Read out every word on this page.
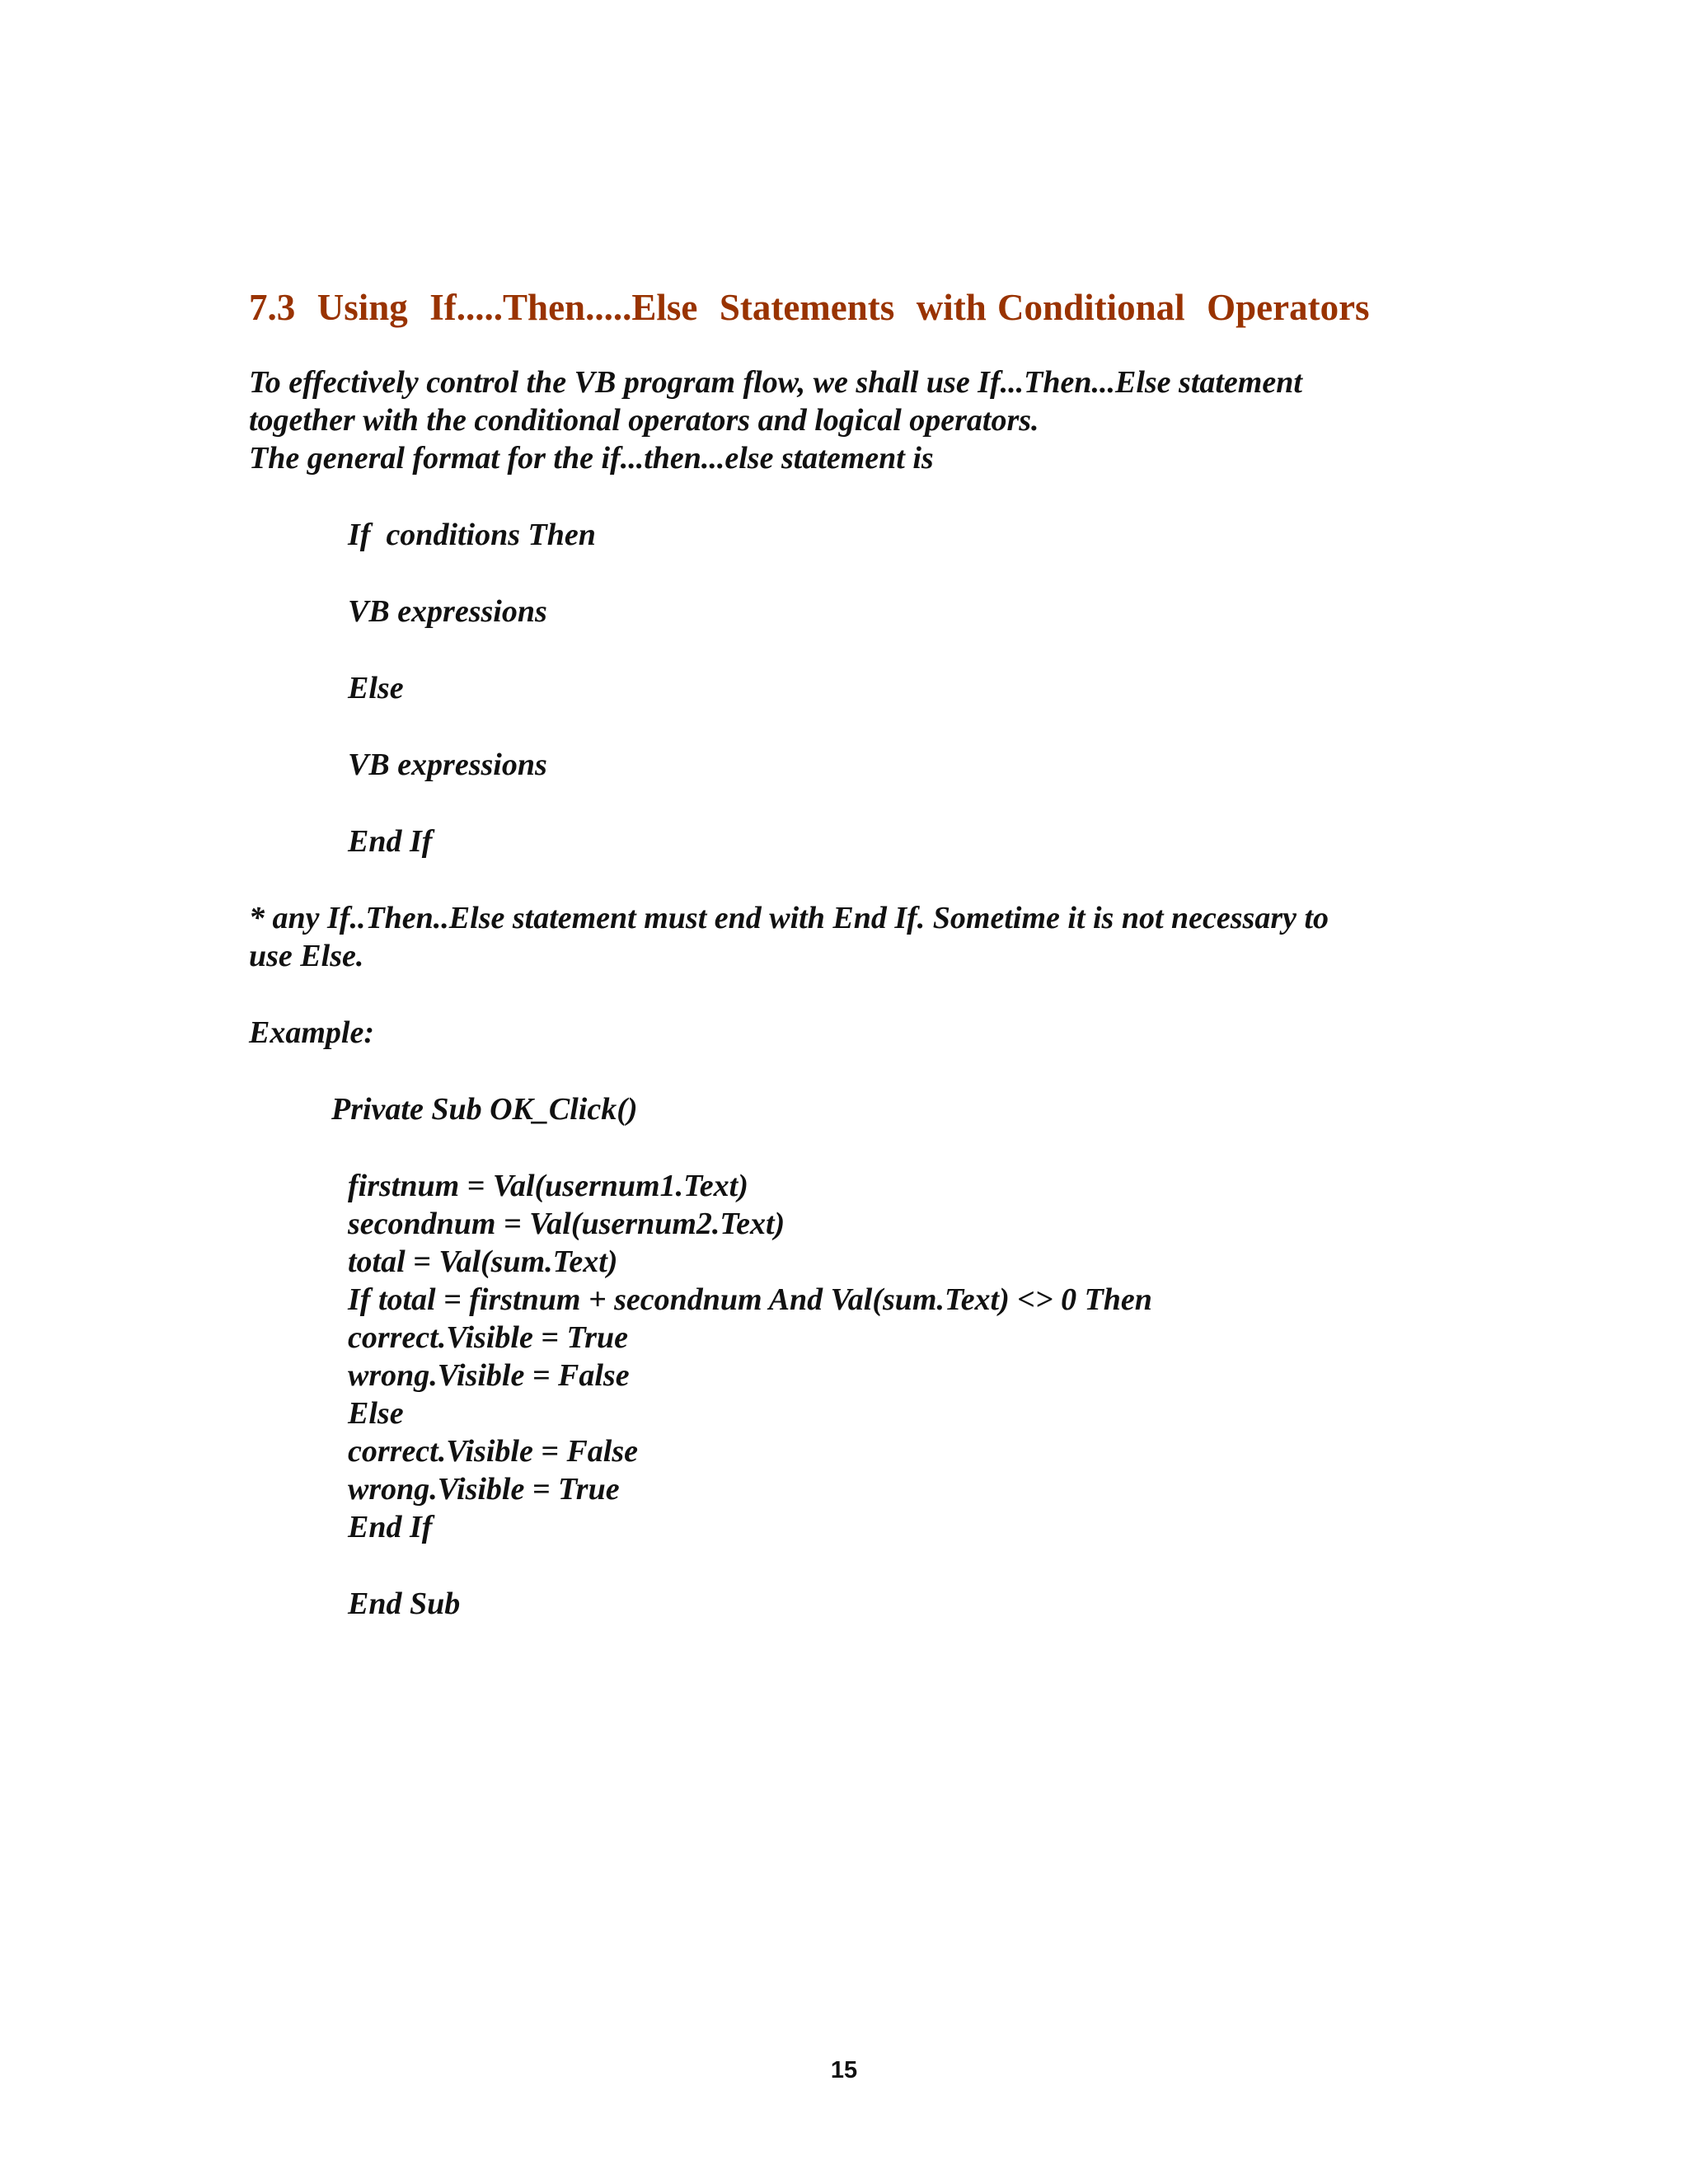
7.3  Using  If.....Then.....Else  Statements  with Conditional  Operators

To effectively control the VB program flow, we shall use If...Then...Else statement

together with the conditional operators and logical operators.

The general format for the if...then...else statement is

If  conditions Then

VB expressions

Else

VB expressions

End If

* any If..Then..Else statement must end with End If. Sometime it is not necessary to

use Else.

Example:

Private Sub OK_Click()

firstnum = Val(usernum1.Text)

secondnum = Val(usernum2.Text)

total = Val(sum.Text)

If total = firstnum + secondnum And Val(sum.Text) <> 0 Then

correct.Visible = True

wrong.Visible = False

Else

correct.Visible = False

wrong.Visible = True

End If

End Sub

15
